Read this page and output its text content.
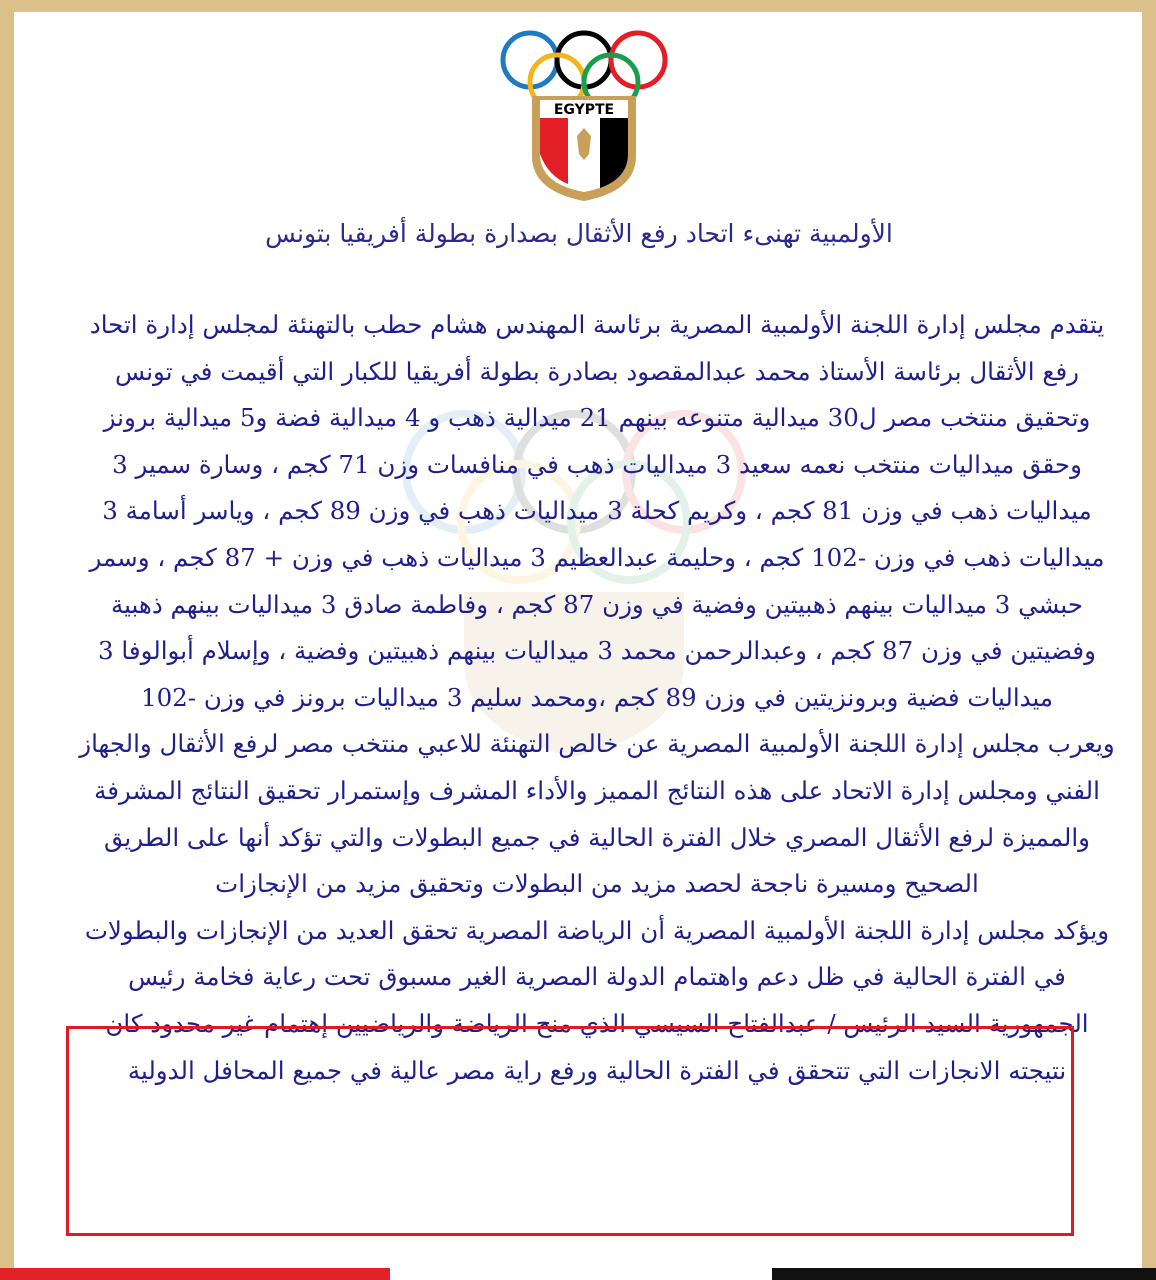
EGYPTE
الأولمبية تهنىء اتحاد رفع الأثقال بصدارة بطولة أفريقيا بتونس

يتقدم مجلس إدارة اللجنة الأولمبية المصرية برئاسة المهندس هشام حطب بالتهنئة لمجلس إدارة اتحاد رفع الأثقال برئاسة الأستاذ محمد عبدالمقصود بصادرة بطولة أفريقيا للكبار التي أقيمت في تونس وتحقيق منتخب مصر ل30 ميدالية متنوعه بينهم 21 ميدالية ذهب و 4 ميدالية فضة و5 ميدالية برونز

وحقق ميداليات منتخب نعمه سعيد 3 ميداليات ذهب في منافسات وزن 71 كجم ، وسارة سمير 3 ميداليات ذهب في وزن 81 كجم ، وكريم كحلة 3 ميداليات ذهب في وزن 89 كجم ، وياسر أسامة 3 ميداليات ذهب في وزن -102 كجم ، وحليمة عبدالعظيم 3 ميداليات ذهب في وزن + 87 كجم ، وسمر حبشي 3 ميداليات بينهم ذهبيتين وفضية في وزن 87 كجم ، وفاطمة صادق 3 ميداليات بينهم ذهبية وفضيتين في وزن 87 كجم ، وعبدالرحمن محمد 3 ميداليات بينهم ذهبيتين وفضية ، وإسلام أبوالوفا 3 ميداليات فضية وبرونزيتين في وزن 89 كجم ،ومحمد سليم 3 ميداليات برونز في وزن -102

ويعرب مجلس إدارة اللجنة الأولمبية المصرية عن خالص التهنئة للاعبي منتخب مصر لرفع الأثقال والجهاز الفني ومجلس إدارة الاتحاد على هذه النتائج المميز والأداء المشرف وإستمرار تحقيق النتائج المشرفة والمميزة لرفع الأثقال المصري خلال الفترة الحالية في جميع البطولات والتي تؤكد أنها على الطريق الصحيح ومسيرة ناجحة لحصد مزيد من البطولات وتحقيق مزيد من الإنجازات

ويؤكد مجلس إدارة اللجنة الأولمبية المصرية أن الرياضة المصرية تحقق العديد من الإنجازات والبطولات في الفترة الحالية في ظل دعم واهتمام الدولة المصرية الغير مسبوق تحت رعاية فخامة رئيس الجمهورية السيد الرئيس / عبدالفتاح السيسي الذي منح الرياضة والرياضيين إهتمام غير محدود كان نتيجته الانجازات التي تتحقق في الفترة الحالية ورفع راية مصر عالية في جميع المحافل الدولية
